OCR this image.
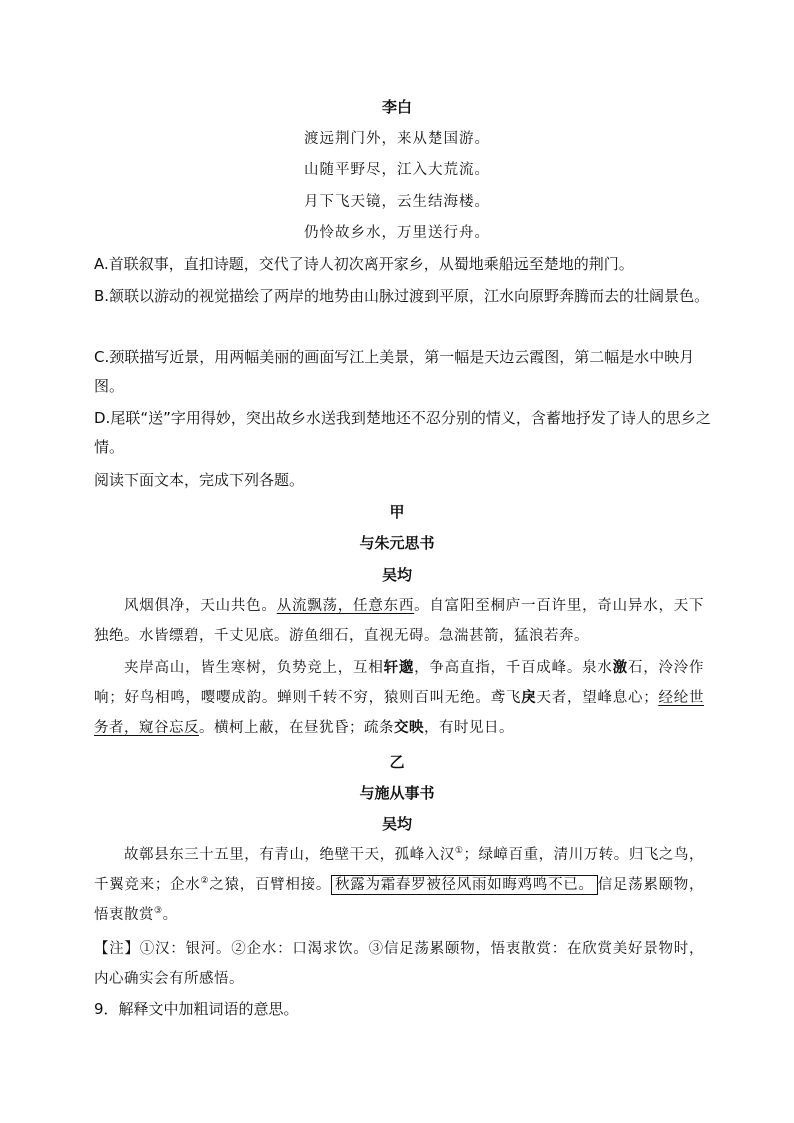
李白
渡远荆门外，来从楚国游。
山随平野尽，江入大荒流。
月下飞天镜，云生结海楼。
仍怜故乡水，万里送行舟。
A.首联叙事，直扣诗题，交代了诗人初次离开家乡，从蜀地乘船远至楚地的荆门。
B.颔联以游动的视觉描绘了两岸的地势由山脉过渡到平原，江水向原野奔腾而去的壮阔景色。
C.颈联描写近景，用两幅美丽的画面写江上美景，第一幅是天边云霞图，第二幅是水中映月图。
D.尾联“送”字用得妙，突出故乡水送我到楚地还不忍分别的情义，含蓄地抒发了诗人的思乡之情。
阅读下面文本，完成下列各题。
甲
与朱元思书
吴均
风烟俱净，天山共色。从流飘荡，任意东西。自富阳至桐庐一百许里，奇山异水，天下独绝。水皆缥碧，千丈见底。游鱼细石，直视无碍。急湍甚箭，猛浪若奔。
夹岸高山，皆生寒树，负势竞上，互相轩邈，争高直指，千百成峰。泉水激石，泠泠作响；好鸟相鸣，嘤嘤成韵。蝉则千转不穷，猿则百叫无绝。鸢飞戾天者，望峰息心；经纶世务者，窥谷忘反。横柯上蔽，在昼犹昏；疏条交映，有时见日。
乙
与施从事书
吴均
故鄣县东三十五里，有青山，绝壁干天，孤峰入汉①；绿嶂百重，清川万转。归飞之鸟，千翼竞来；企水②之猿，百臂相接。 秋露为霜春罗被径风雨如晦鸡鸣不已。 信足荡累颐物，悟衷散赏③。
【注】①汉：银河。②企水：口渴求饮。③信足荡累颐物，悟衷散赏：在欣赏美好景物时，内心确实会有所感悟。
9．解释文中加粗词语的意思。
